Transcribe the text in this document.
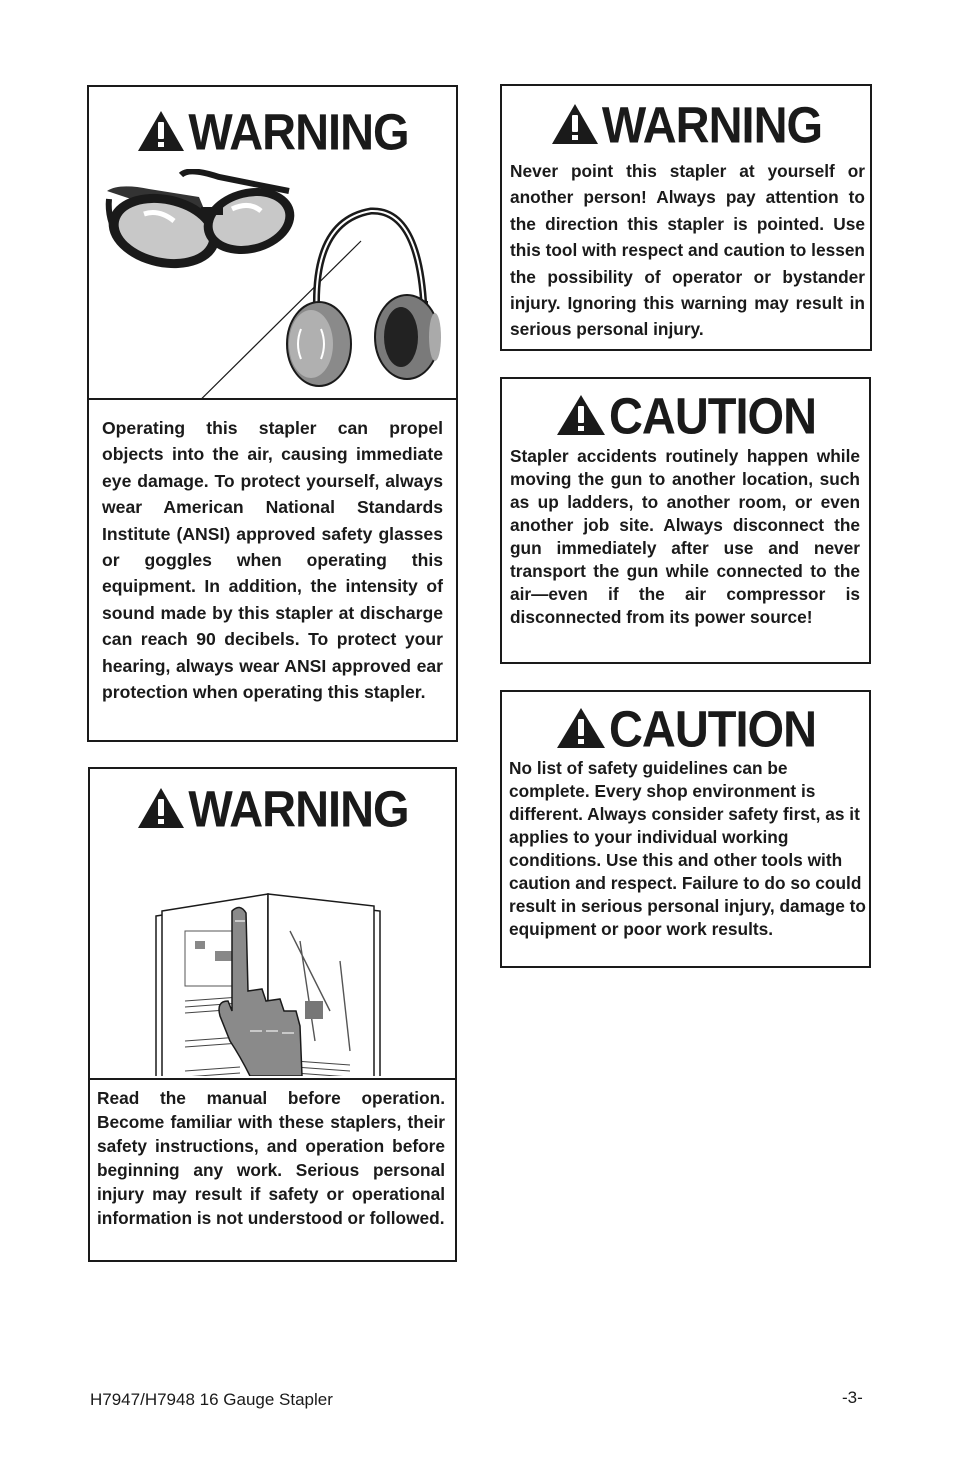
WARNING
Operating this stapler can propel objects into the air, causing immediate eye damage. To protect yourself, always wear American National Standards Institute (ANSI) approved safety glasses or goggles when operating this equipment. In addition, the intensity of sound made by this stapler at discharge can reach 90 decibels. To protect your hearing, always wear ANSI approved ear protection when operating this stapler.
WARNING
Read the manual before operation. Become familiar with these staplers, their safety instructions, and operation before beginning any work. Serious personal injury may result if safety or operational information is not understood or followed.
WARNING
Never point this stapler at yourself or another person! Always pay attention to the direction this stapler is pointed. Use this tool with respect and caution to lessen the possibility of operator or bystander injury. Ignoring this warning may result in serious personal injury.
CAUTION
Stapler accidents routinely happen while moving the gun to another location, such as up ladders, to another room, or even another job site. Always disconnect the gun immediately after use and never transport the gun while connected to the air—even if the air compressor is disconnected from its power source!
CAUTION
No list of safety guidelines can be complete. Every shop environment is different. Always consider safety first, as it applies to your individual working conditions. Use this and other tools with caution and respect. Failure to do so could result in serious personal injury, damage to equipment or poor work results.
H7947/H7948 16 Gauge Stapler	-3-
